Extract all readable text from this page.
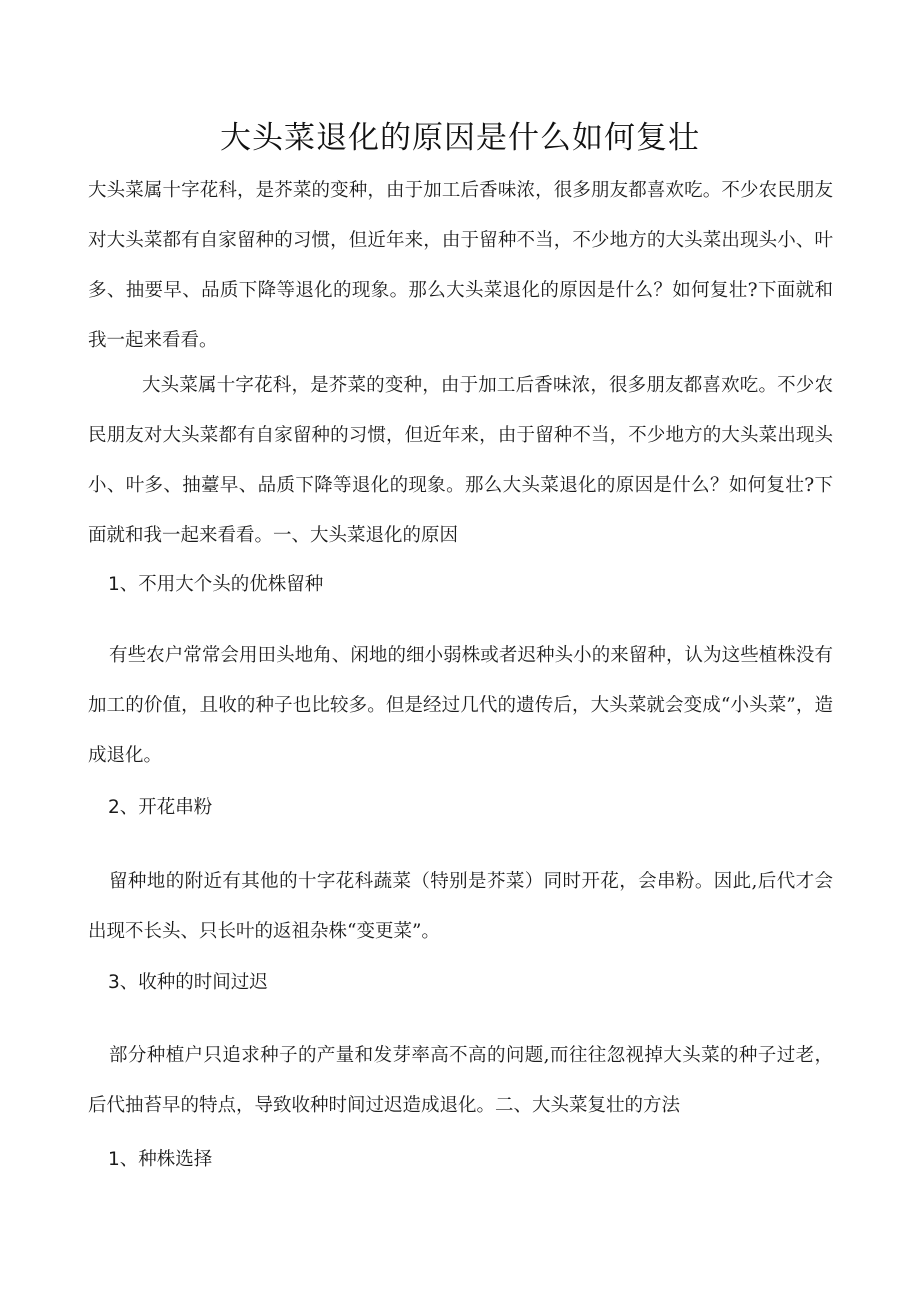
大头菜退化的原因是什么如何复壮

大头菜属十字花科，是芥菜的变种，由于加工后香味浓，很多朋友都喜欢吃。不少农民朋友对大头菜都有自家留种的习惯，但近年来，由于留种不当，不少地方的大头菜出现头小、叶多、抽要早、品质下降等退化的现象。那么大头菜退化的原因是什么？如何复壮?下面就和我一起来看看。

大头菜属十字花科，是芥菜的变种，由于加工后香味浓，很多朋友都喜欢吃。不少农民朋友对大头菜都有自家留种的习惯，但近年来，由于留种不当，不少地方的大头菜出现头小、叶多、抽薹早、品质下降等退化的现象。那么大头菜退化的原因是什么？如何复壮?下面就和我一起来看看。一、大头菜退化的原因

1、不用大个头的优株留种

有些农户常常会用田头地角、闲地的细小弱株或者迟种头小的来留种，认为这些植株没有加工的价值，且收的种子也比较多。但是经过几代的遗传后，大头菜就会变成“小头菜”，造成退化。

2、开花串粉

留种地的附近有其他的十字花科蔬菜（特别是芥菜）同时开花，会串粉。因此,后代才会出现不长头、只长叶的返祖杂株“变更菜”。

3、收种的时间过迟

部分种植户只追求种子的产量和发芽率高不高的问题,而往往忽视掉大头菜的种子过老，后代抽苔早的特点，导致收种时间过迟造成退化。二、大头菜复壮的方法

1、种株选择
